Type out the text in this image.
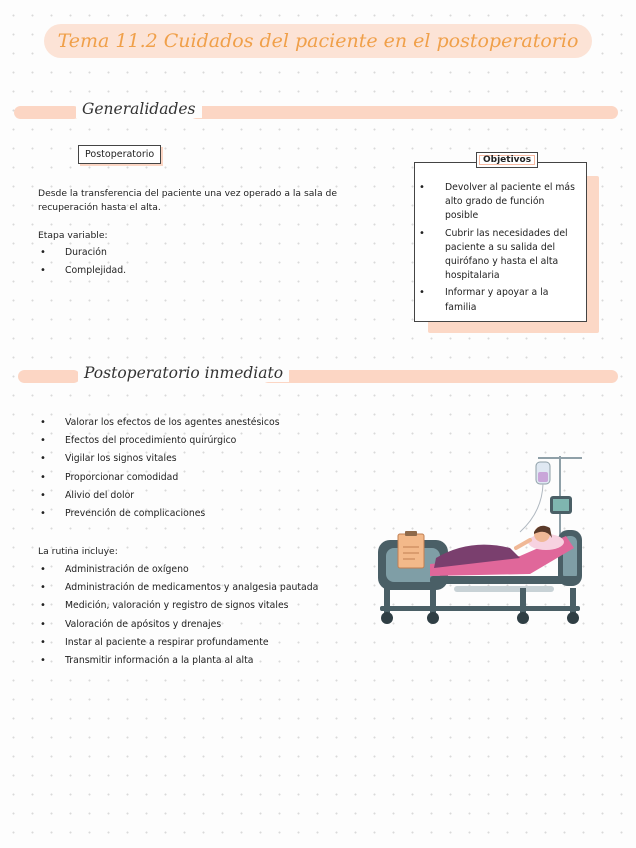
Tema 11.2 Cuidados del paciente en el postoperatorio
Generalidades
Postoperatorio
Desde la transferencia del paciente una vez operado a la sala de recuperación hasta el alta.
Etapa variable:
• Duración
• Complejidad.
• Devolver al paciente el más alto grado de función posible
• Cubrir las necesidades del paciente a su salida del quirófano y hasta el alta hospitalaria
• Informar y apoyar a la familia
Objetivos
Postoperatorio inmediato
• Valorar los efectos de los agentes anestésicos
• Efectos del procedimiento quirúrgico
• Vigilar los signos vitales
• Proporcionar comodidad
• Alivio del dolor
• Prevención de complicaciones
La rutina incluye:
• Administración de oxígeno
• Administración de medicamentos y analgesia pautada
• Medición, valoración y registro de signos vitales
• Valoración de apósitos y drenajes
• Instar al paciente a respirar profundamente
• Transmitir información a la planta al alta
